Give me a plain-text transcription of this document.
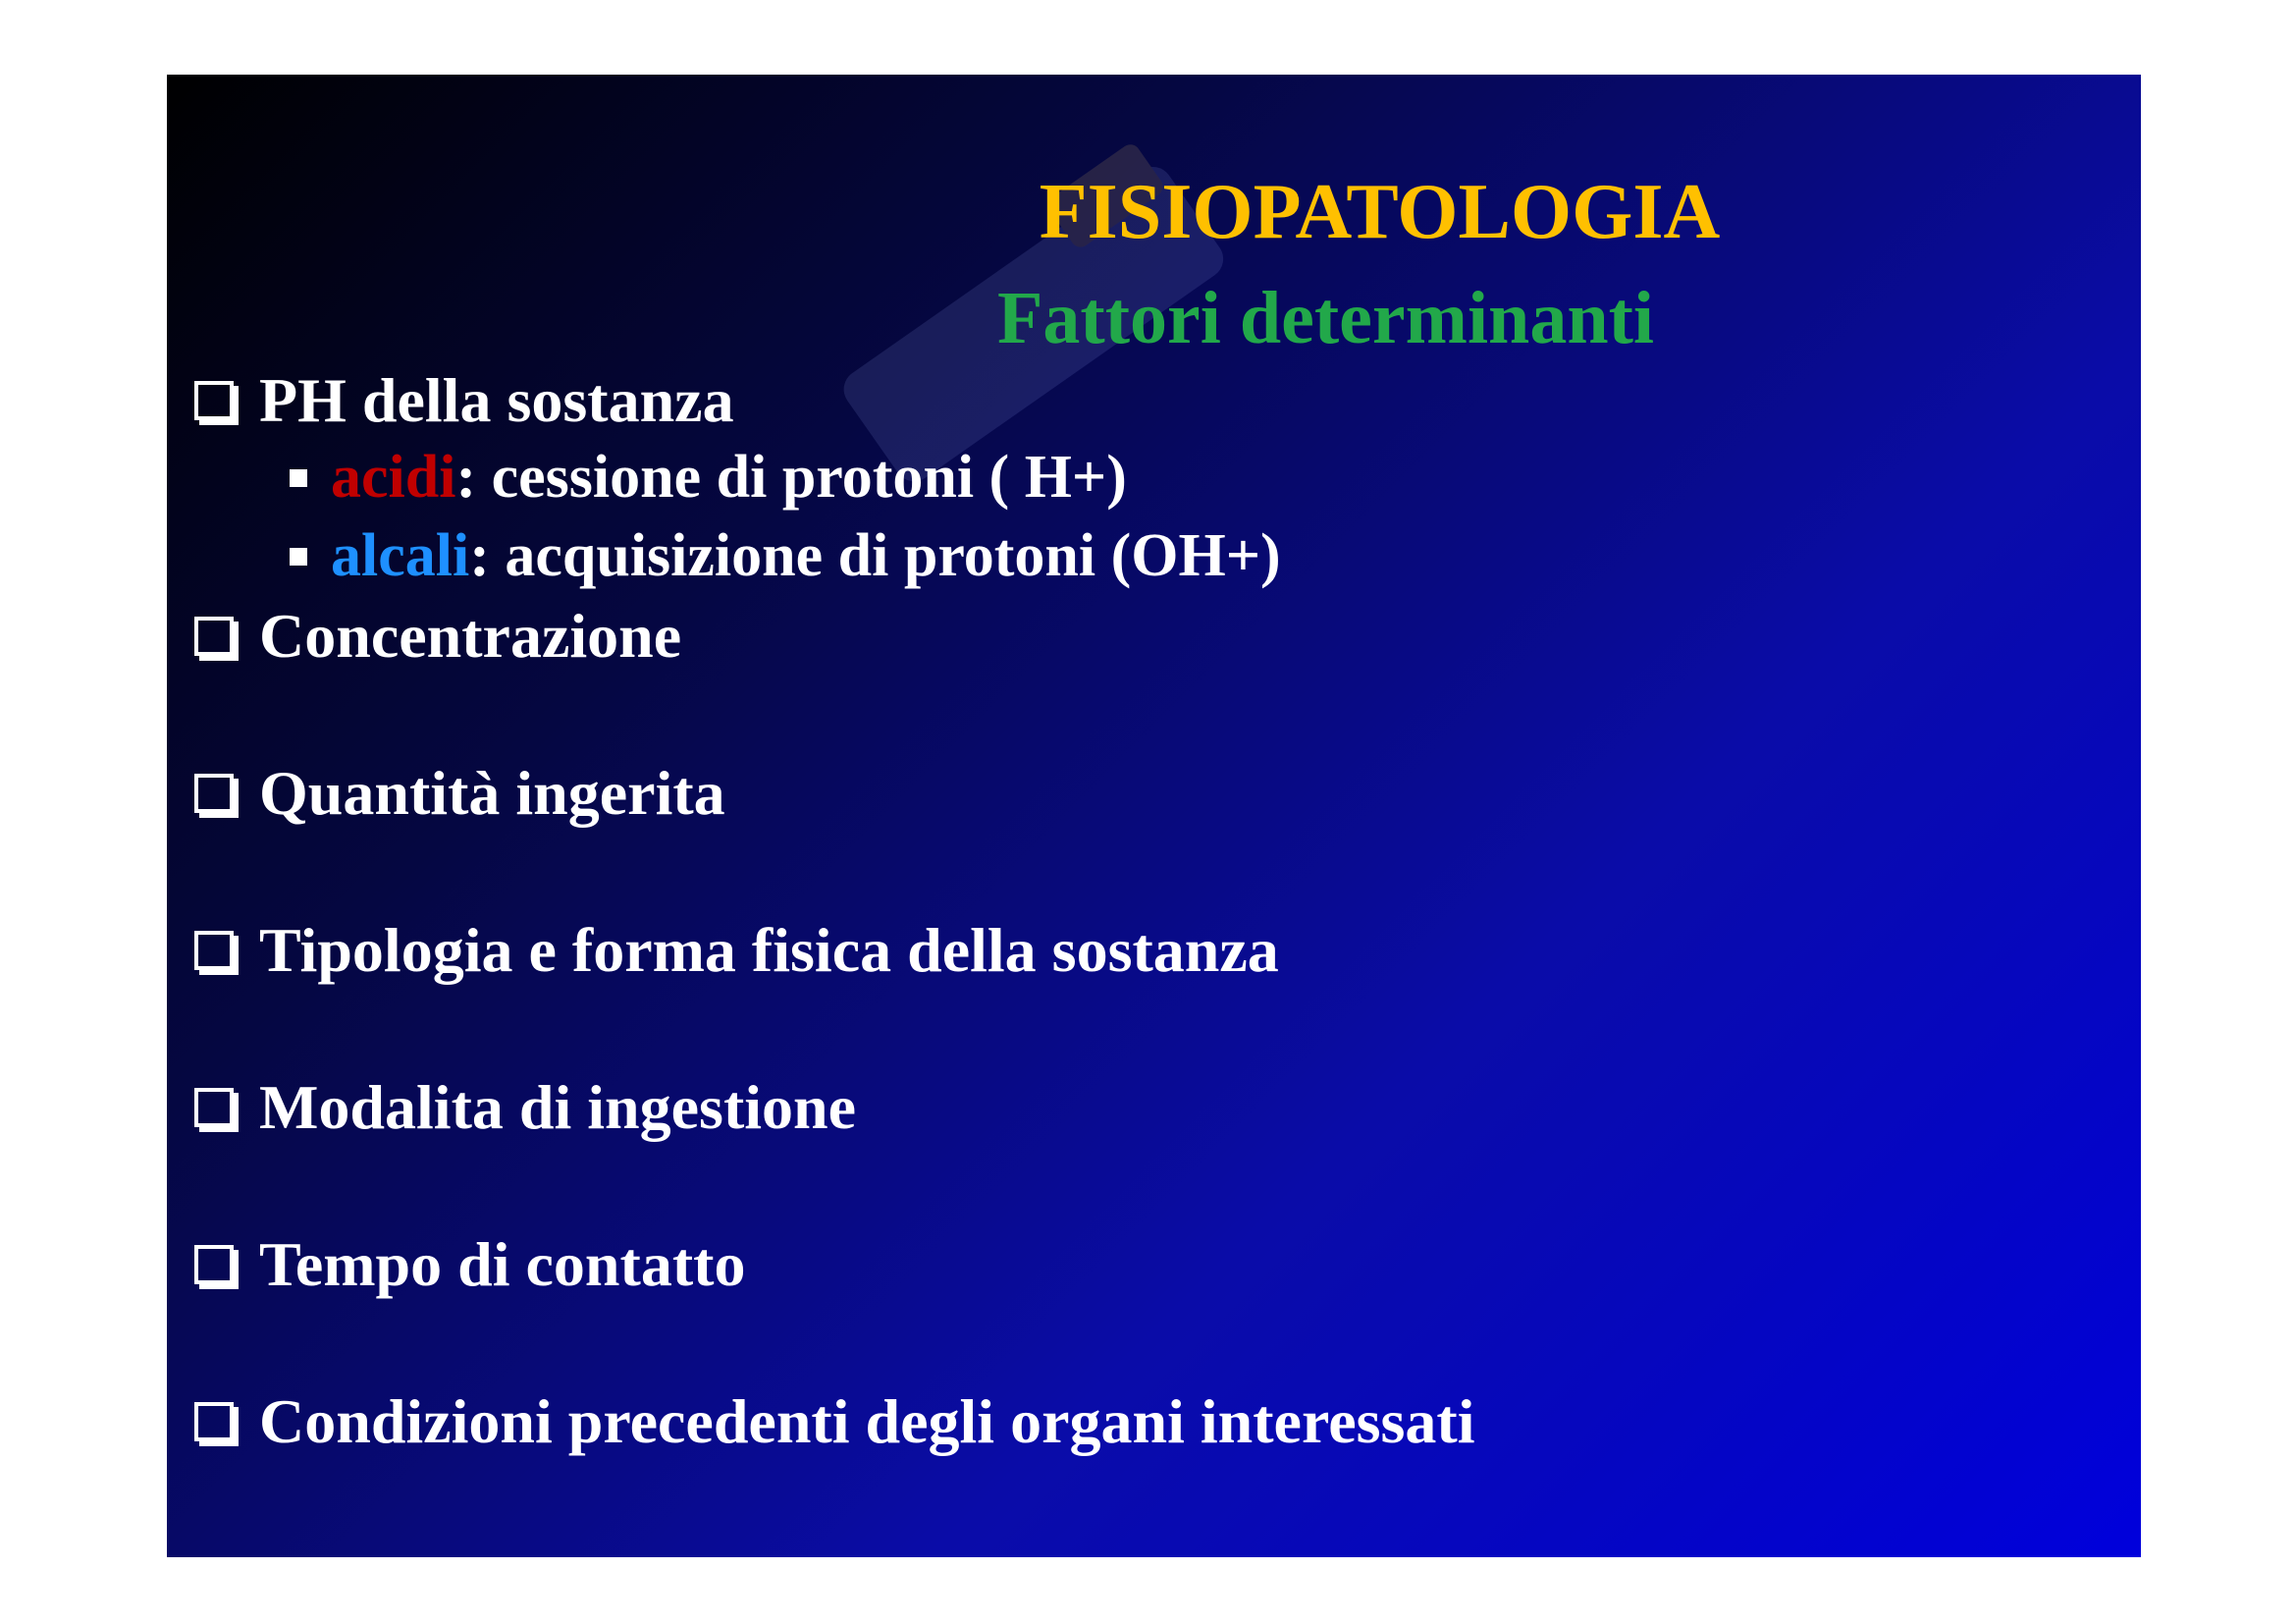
FISIOPATOLOGIA
Fattori determinanti
PH della sostanza
acidi : cessione di protoni ( H+)
alcali : acquisizione di protoni (OH+)
Concentrazione
Quantità ingerita
Tipologia e forma fisica della sostanza
Modalita di ingestione
Tempo di contatto
Condizioni precedenti degli organi interessati
